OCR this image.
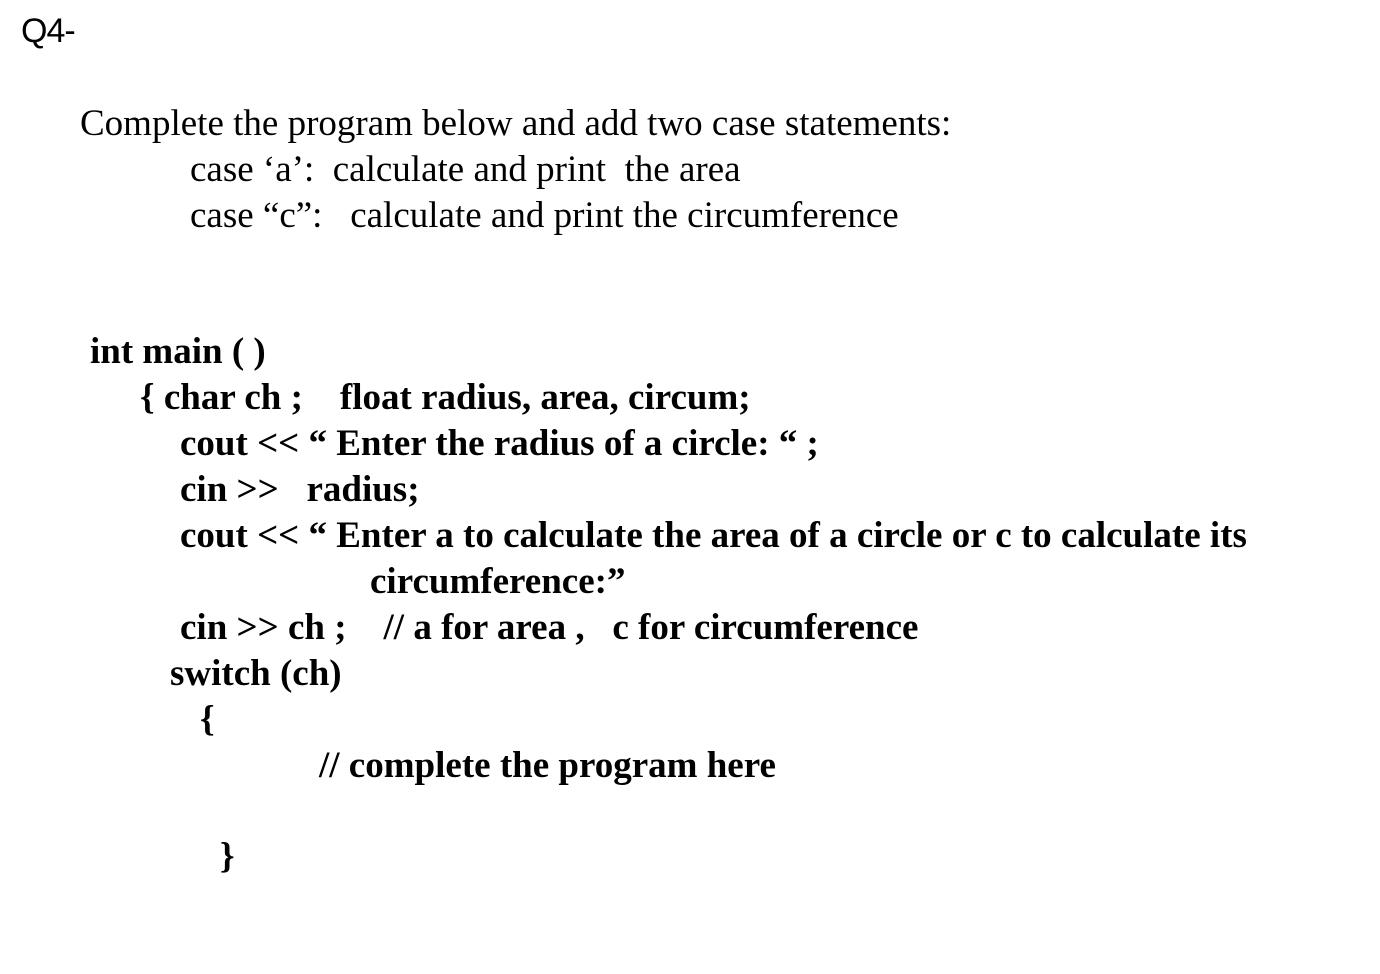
Q4-
Complete the program below and add two case statements:
case ‘a’:  calculate and print  the area
case “c”:   calculate and print the circumference
int main ( )
{ char ch ;    float radius, area, circum;
cout << “ Enter the radius of a circle: “ ;
cin >>   radius;
cout << “ Enter a to calculate the area of a circle or c to calculate its
circumference:”
cin >> ch ;    // a for area ,   c for circumference
switch (ch)
{
// complete the program here
}
